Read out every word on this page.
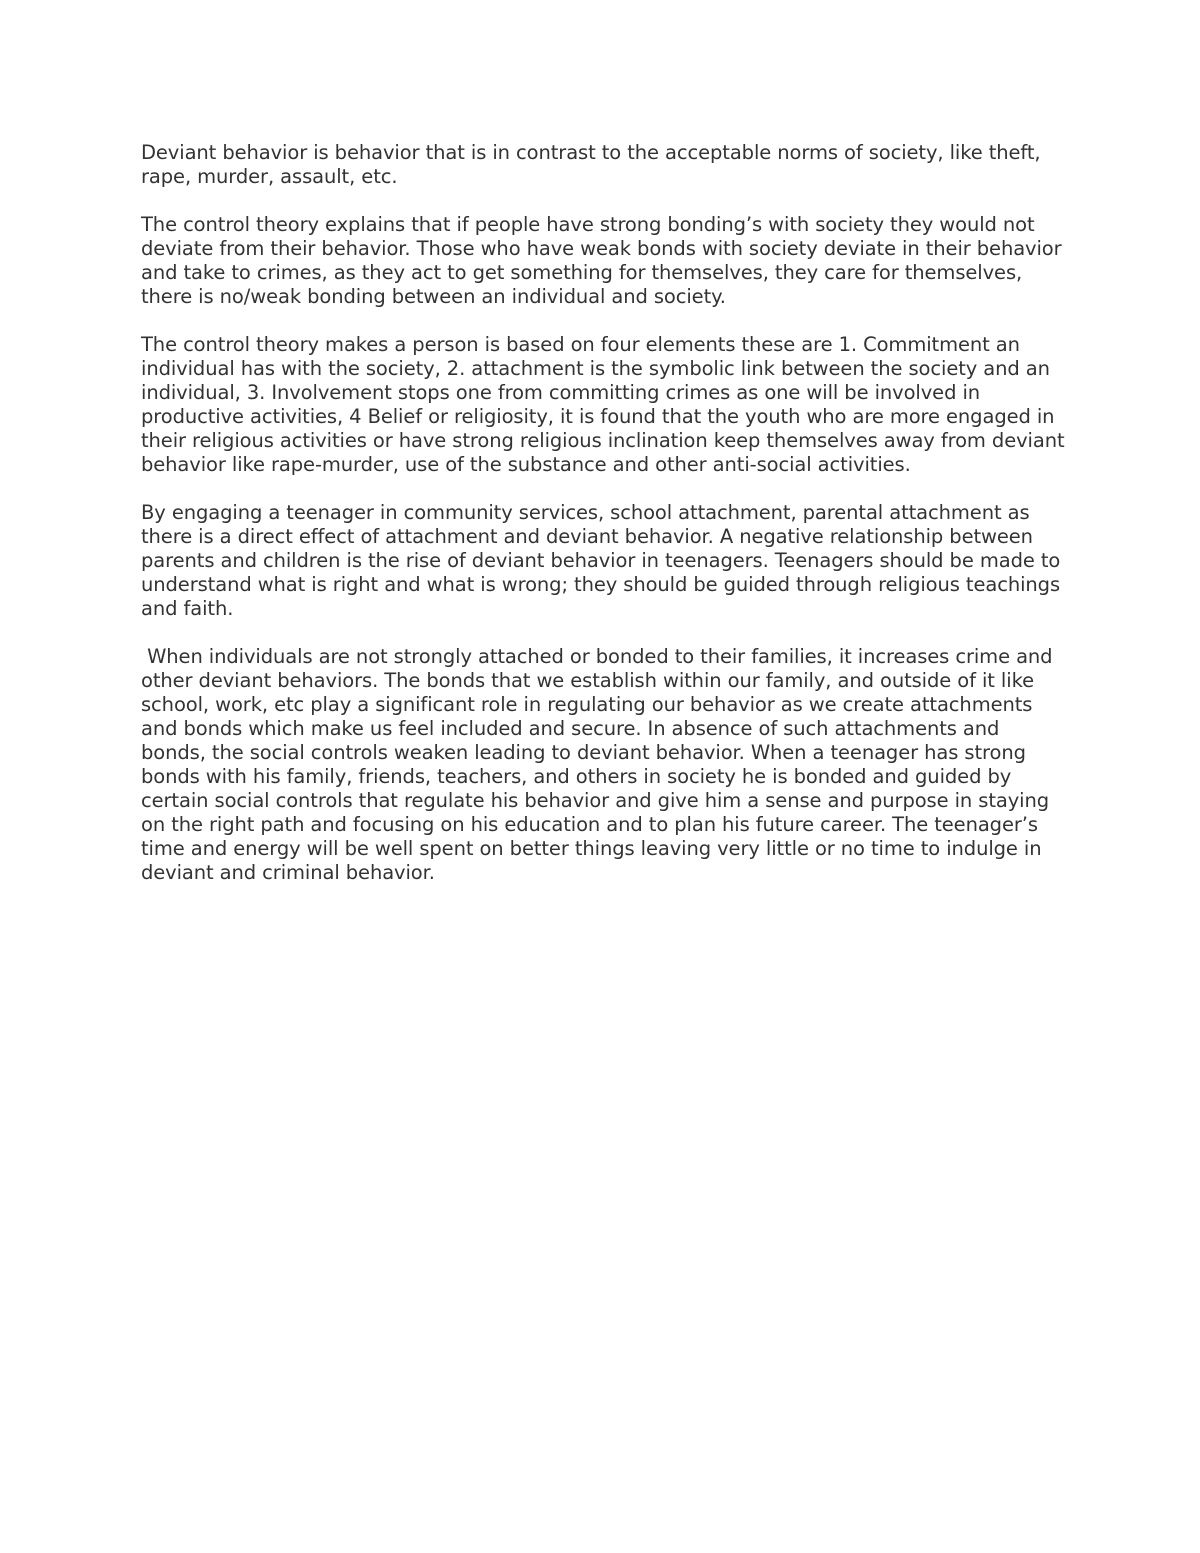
Deviant behavior is behavior that is in contrast to the acceptable norms of society, like theft, rape, murder, assault, etc.

The control theory explains that if people have strong bonding’s with society they would not deviate from their behavior. Those who have weak bonds with society deviate in their behavior and take to crimes, as they act to get something for themselves, they care for themselves, there is no/weak bonding between an individual and society.

The control theory makes a person is based on four elements these are 1. Commitment an individual has with the society, 2. attachment is the symbolic link between the society and an individual, 3. Involvement stops one from committing crimes as one will be involved in productive activities, 4 Belief or religiosity, it is found that the youth who are more engaged in their religious activities or have strong religious inclination keep themselves away from deviant behavior like rape-murder, use of the substance and other anti-social activities.

By engaging a teenager in community services, school attachment, parental attachment as there is a direct effect of attachment and deviant behavior. A negative relationship between parents and children is the rise of deviant behavior in teenagers. Teenagers should be made to understand what is right and what is wrong; they should be guided through religious teachings and faith.

When individuals are not strongly attached or bonded to their families, it increases crime and other deviant behaviors. The bonds that we establish within our family, and outside of it like school, work, etc play a significant role in regulating our behavior as we create attachments and bonds which make us feel included and secure. In absence of such attachments and bonds, the social controls weaken leading to deviant behavior. When a teenager has strong bonds with his family, friends, teachers, and others in society he is bonded and guided by certain social controls that regulate his behavior and give him a sense and purpose in staying on the right path and focusing on his education and to plan his future career. The teenager’s time and energy will be well spent on better things leaving very little or no time to indulge in deviant and criminal behavior.
